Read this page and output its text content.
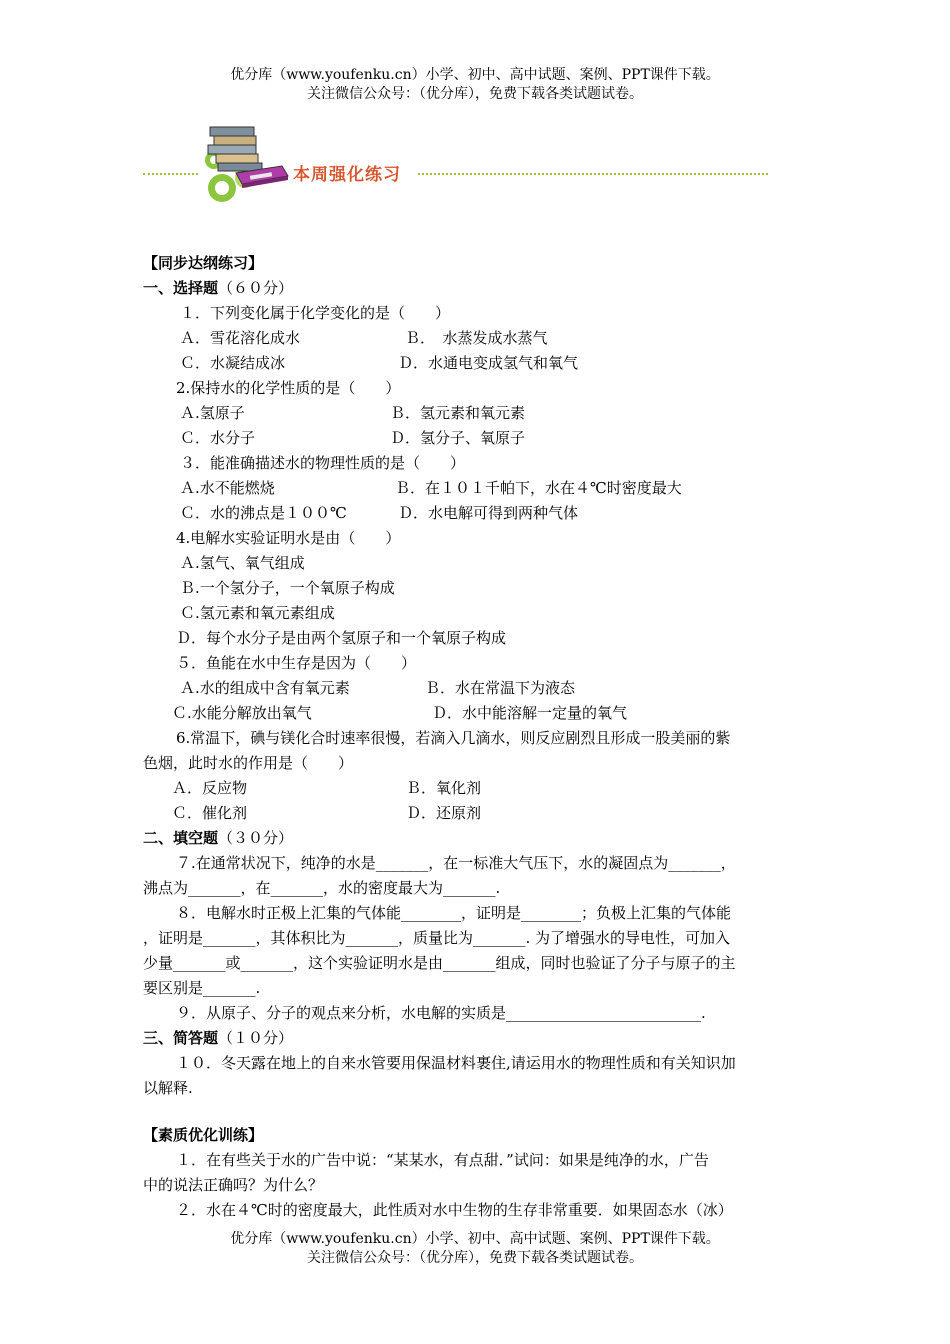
优分库（www.youfenku.cn）小学、初中、高中试题、案例、PPT课件下载。
关注微信公众号：（优分库），免费下载各类试题试卷。
本周强化练习
【同步达纲练习】
一、选择题（６０分）
１．下列变化属于化学变化的是（　　）
Ａ．雪花溶化成水	Ｂ．　水蒸发成水蒸气
Ｃ．水凝结成冰	Ｄ．水通电变成氢气和氧气
2.保持水的化学性质的是（　　）
Ａ.氢原子	Ｂ．氢元素和氧元素
Ｃ．水分子	Ｄ．氢分子、氧原子
３．能准确描述水的物理性质的是（　　）
Ａ.水不能燃烧	Ｂ．在１０１千帕下，水在４℃时密度最大
Ｃ．水的沸点是１００℃	Ｄ．水电解可得到两种气体
4.电解水实验证明水是由（　　）
Ａ.氢气、氧气组成
Ｂ.一个氢分子，一个氧原子构成
Ｃ.氢元素和氧元素组成
Ｄ．每个水分子是由两个氢原子和一个氧原子构成
５．鱼能在水中生存是因为（　　）
Ａ.水的组成中含有氧元素	Ｂ．水在常温下为液态
Ｃ.水能分解放出氧气	Ｄ．水中能溶解一定量的氧气
6.常温下，碘与镁化合时速率很慢，若滴入几滴水，则反应剧烈且形成一股美丽的紫
色烟，此时水的作用是（　　）
Ａ．反应物	Ｂ．氧化剂
Ｃ．催化剂	Ｄ．还原剂
二、填空题（３０分）
７.在通常状况下，纯净的水是_______，在一标准大气压下，水的凝固点为_______，
沸点为_______，在_______，水的密度最大为_______.
８．电解水时正极上汇集的气体能________，证明是________；负极上汇集的气体能
，证明是_______，其体积比为_______，质量比为_______. 为了增强水的导电性，可加入
少量_______或_______，这个实验证明水是由_______组成，同时也验证了分子与原子的主
要区别是_______.
９．从原子、分子的观点来分析，水电解的实质是__________________________.
三、简答题（１０分）
１０．冬天露在地上的自来水管要用保温材料裹住,请运用水的物理性质和有关知识加
以解释.
【素质优化训练】
１．在有些关于水的广告中说：“某某水，有点甜．”试问：如果是纯净的水，广告
中的说法正确吗？为什么？
２．水在４℃时的密度最大，此性质对水中生物的生存非常重要．如果固态水（冰）
优分库（www.youfenku.cn）小学、初中、高中试题、案例、PPT课件下载。
关注微信公众号：（优分库），免费下载各类试题试卷。
